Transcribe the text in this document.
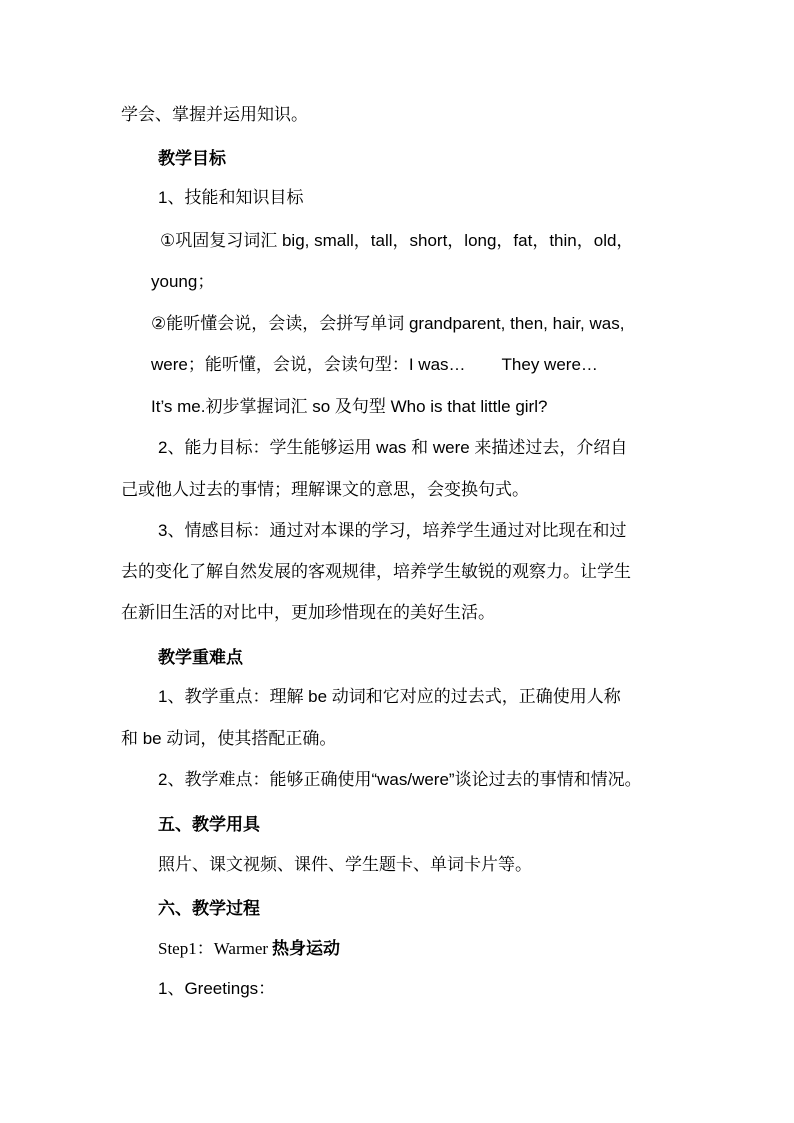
学会、掌握并运用知识。
教学目标
1、技能和知识目标
①巩固复习词汇 big, small，tall，short，long，fat，thin，old，
young；
②能听懂会说，会读，会拼写单词 grandparent, then, hair, was,
were；能听懂，会说，会读句型：I was… They were…
It’s me.初步掌握词汇 so 及句型 Who is that little girl?
2、能力目标：学生能够运用 was 和 were 来描述过去，介绍自
己或他人过去的事情；理解课文的意思，会变换句式。
3、情感目标：通过对本课的学习，培养学生通过对比现在和过
去的变化了解自然发展的客观规律，培养学生敏锐的观察力。让学生
在新旧生活的对比中，更加珍惜现在的美好生活。
教学重难点
1、教学重点：理解 be 动词和它对应的过去式，正确使用人称
和 be 动词，使其搭配正确。
2、教学难点：能够正确使用“was/were”谈论过去的事情和情况。
五、教学用具
照片、课文视频、课件、学生题卡、单词卡片等。
六、教学过程
Step1：Warmer 热身运动
1、Greetings：
